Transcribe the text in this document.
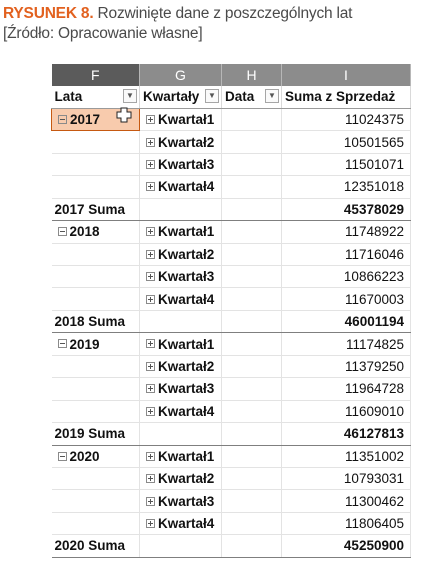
RYSUNEK 8. Rozwinięte dane z poszczególnych lat
[Źródło: Opracowanie własne]
F	G	H	I
Lata ▼	Kwartały ▼	Data ▼	Suma z Sprzedaż
2017	Kwartał1		11024375
	Kwartał2		10501565
	Kwartał3		11501071
	Kwartał4		12351018
2017 Suma			45378029
2018	Kwartał1		11748922
	Kwartał2		11716046
	Kwartał3		10866223
	Kwartał4		11670003
2018 Suma			46001194
2019	Kwartał1		11174825
	Kwartał2		11379250
	Kwartał3		11964728
	Kwartał4		11609010
2019 Suma			46127813
2020	Kwartał1		11351002
	Kwartał2		10793031
	Kwartał3		11300462
	Kwartał4		11806405
2020 Suma			45250900
